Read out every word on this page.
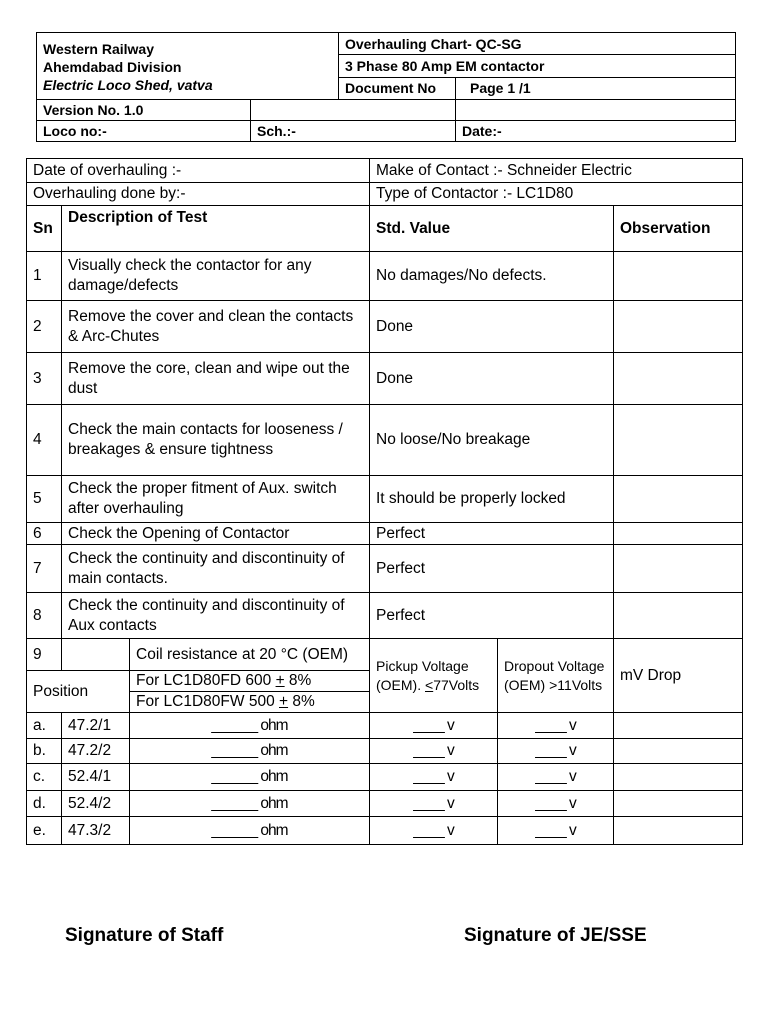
Western Railway
Ahemdabad Division
Electric Loco Shed, vatva		Overhauling Chart- QC-SG	
		3 Phase 80 Amp EM contactor	
		Document No	Page 1 /1
Version No. 1.0			
Loco no:-	Sch.:-		Date:-
Date of overhauling :-			Make of Contact :- Schneider Electric		
Overhauling done by:-			Type of Contactor :- LC1D80		
Sn	Description of Test		Std. Value		Observation
1	Visually check the contactor for any damage/defects		No damages/No defects.		
2	Remove the cover and clean the contacts & Arc-Chutes		Done		
3	Remove the core, clean and wipe out the dust		Done		
4	Check the main contacts for looseness / breakages & ensure tightness		No loose/No breakage		
5	Check the proper fitment of Aux. switch after overhauling		It should be properly locked		
6	Check the Opening of Contactor		Perfect		
7	Check the continuity and discontinuity of main contacts.		Perfect		
8	Check the continuity and discontinuity of Aux contacts		Perfect		
9		Coil resistance at 20 °C (OEM)	Pickup Voltage (OEM). <77Volts	Dropout Voltage (OEM) >11Volts	mV Drop
Position		For LC1D80FD 600 + 8%			
		For LC1D80FW 500 + 8%			
a.	47.2/1	______ ohm	____ v	____ v	
b.	47.2/2	______ ohm	____ v	____ v	
c.	52.4/1	______ ohm	____ v	____ v	
d.	52.4/2	______ ohm	____ v	____ v	
e.	47.3/2	______ ohm	____ v	____ v	
Signature of Staff	Signature of JE/SSE
